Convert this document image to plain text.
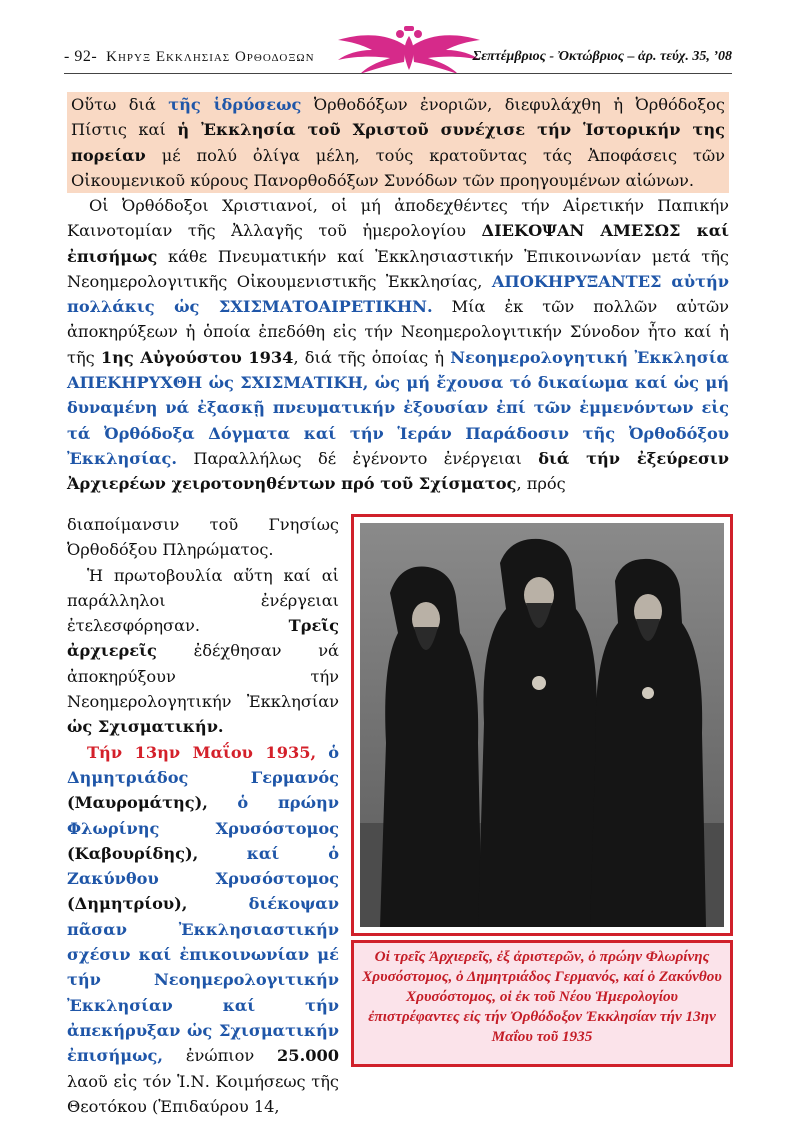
- 92- Κηρυξ Εκκλησιας Ορθοδοξων	Σεπτέμβριος - Ὀκτώβριος – ἀρ. τεύχ. 35, ’08
Οὕτω διά τῆς ἱδρύσεως Ὀρθοδόξων ἐνοριῶν, διεφυλάχθη ἡ Ὀρθόδοξος Πίστις καί ἡ Ἐκκλησία τοῦ Χριστοῦ συνέχισε τήν Ἱστορικήν της πορείαν μέ πολύ ὀλίγα μέλη, τούς κρατοῦντας τάς Ἀποφάσεις τῶν Οἰκουμενικοῦ κύρους Πανορθοδόξων Συνόδων τῶν προηγουμένων αἰώνων.
Οἱ Ὀρθόδοξοι Χριστιανοί, οἱ μή ἀποδεχθέντες τήν Αἱρετικήν Παπικήν Καινοτομίαν τῆς Ἀλλαγῆς τοῦ ἡμερολογίου ΔΙΕΚΟΨΑΝ ΑΜΕΣΩΣ καί ἐπισήμως κάθε Πνευματικήν καί Ἐκκλησιαστικήν Ἐπικοινωνίαν μετά τῆς Νεοημερολογιτικῆς Οἰκουμενιστικῆς Ἐκκλησίας, ΑΠΟΚΗΡΥΞΑΝΤΕΣ αὐτήν πολλάκις ὡς ΣΧΙΣΜΑΤΟΑΙΡΕΤΙΚΗΝ. Μία ἐκ τῶν πολλῶν αὐτῶν ἀποκηρύξεων ἡ ὁποία ἐπεδόθη εἰς τήν Νεοημερολογιτικήν Σύνοδον ἦτο καί ἡ τῆς 1ης Αὐγούστου 1934, διά τῆς ὁποίας ἡ Νεοημερολογητική Ἐκκλησία ΑΠΕΚΗΡΥΧΘΗ ὡς ΣΧΙΣΜΑΤΙΚΗ, ὡς μή ἔχουσα τό δικαίωμα καί ὡς μή δυναμένη νά ἐξασκῇ πνευματικήν ἐξουσίαν ἐπί τῶν ἐμμενόντων εἰς τά Ὀρθόδοξα Δόγματα καί τήν Ἱεράν Παράδοσιν τῆς Ὀρθοδόξου Ἐκκλησίας. Παραλλήλως δέ ἐγένοντο ἐνέργειαι διά τήν ἐξεύρεσιν Ἀρχιερέων χειροτονηθέντων πρό τοῦ Σχίσματος, πρός

διαποίμανσιν τοῦ Γνησίως Ὀρθοδόξου Πληρώματος.

Ἡ πρωτοβουλία αὕτη καί αἱ παράλληλοι ἐνέργειαι ἐτελεσφόρησαν. Τρεῖς ἀρχιερεῖς ἐδέχθησαν νά ἀποκηρύξουν τήν Νεοημερολογητικήν Ἐκκλησίαν ὡς Σχισματικήν.

Τήν 13ην Μαΐου 1935, ὁ Δημητριάδος Γερμανός (Μαυρομάτης), ὁ πρώην Φλωρίνης Χρυσόστομος (Καβουρίδης),	καί ὁ Ζακύνθου Χρυσόστομος (Δημητρίου),	διέκοψαν πᾶσαν Ἐκκλησιαστικήν σχέσιν καί ἐπικοινωνίαν μέ τήν Νεοημερολογιτικήν Ἐκκλησίαν καί τήν ἀπεκήρυξαν ὡς Σχισματικήν ἐπισήμως, ἐνώπιον 25.000 λαοῦ εἰς τόν Ἱ.Ν. Κοιμήσεως τῆς Θεοτόκου (Ἐπιδαύρου 14,

Οἱ τρεῖς Ἀρχιερεῖς, ἐξ ἀριστερῶν, ὁ πρώην Φλωρίνης Χρυσόστομος, ὁ Δημητριάδος Γερμανός, καί ὁ Ζακύνθου Χρυσόστομος, οἱ ἐκ τοῦ Νέου Ἡμερολογίου ἐπιστρέφαντες εἰς τήν Ὀρθόδοξον Ἐκκλησίαν τήν 13ην Μαΐου τοῦ 1935
